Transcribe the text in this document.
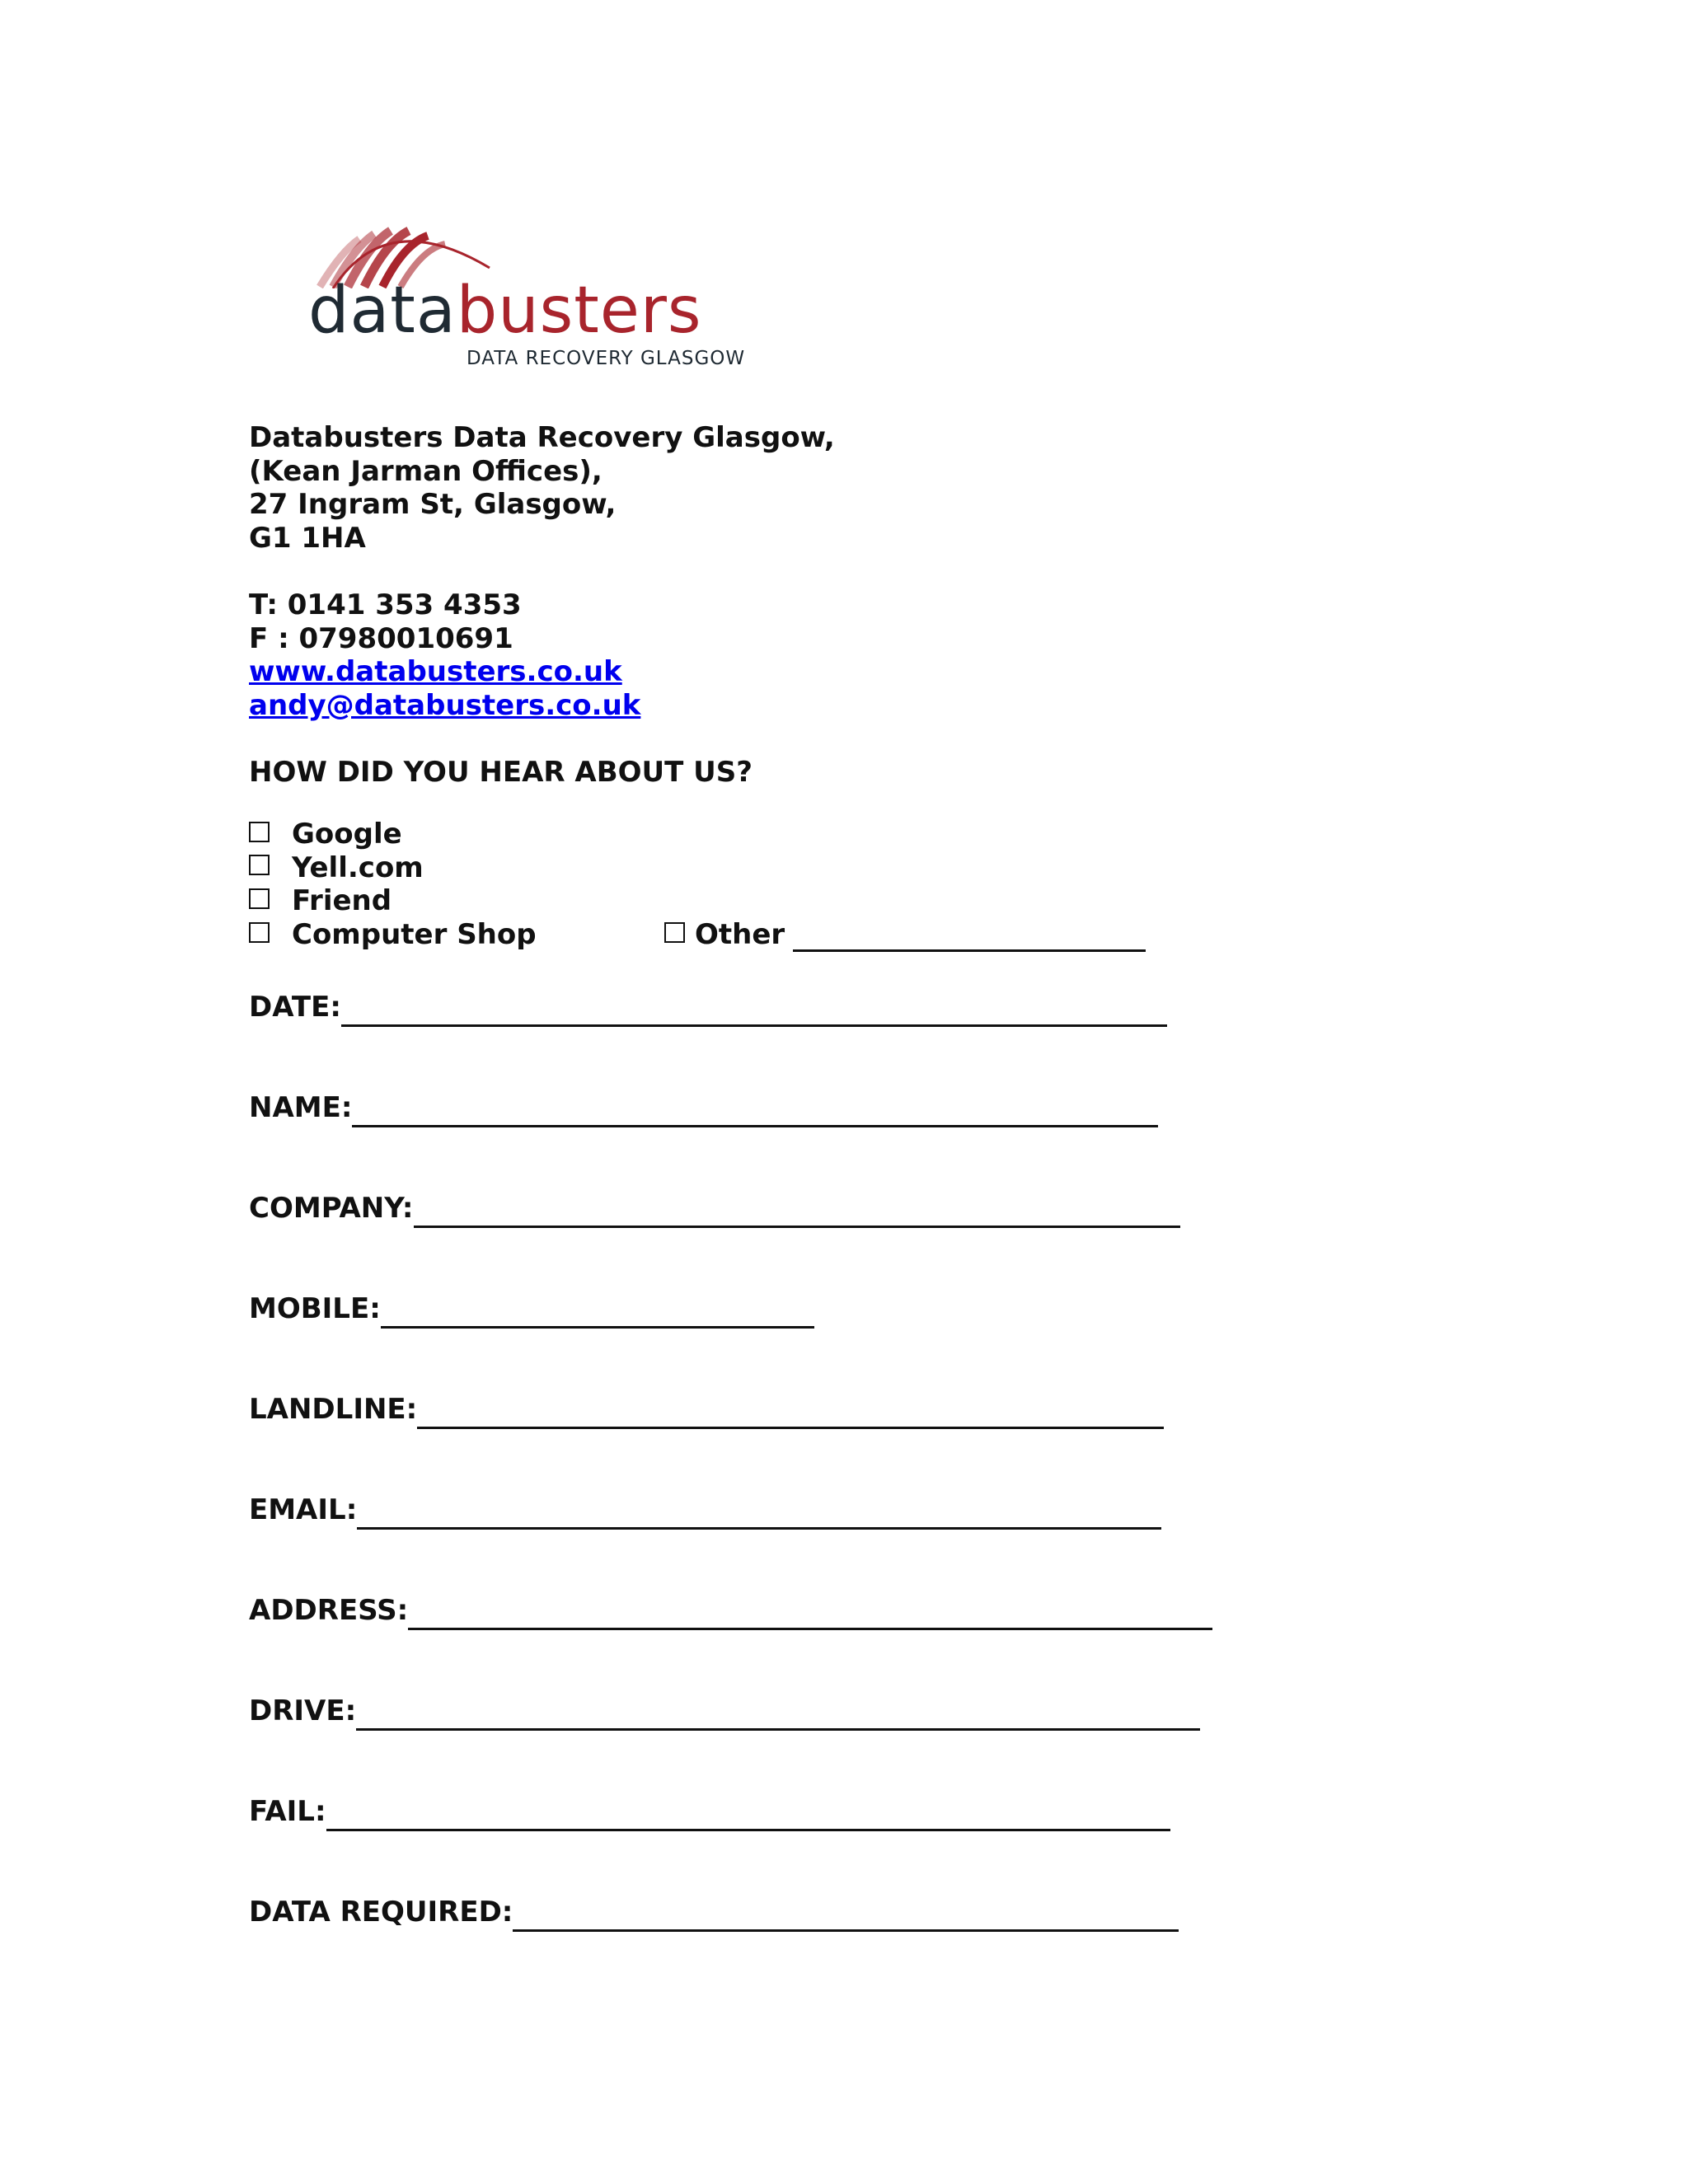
databusters
DATA RECOVERY GLASGOW
Databusters Data Recovery Glasgow,
(Kean Jarman Offices),
27 Ingram St, Glasgow,
G1 1HA
T: 0141 353 4353
F : 07980010691
www.databusters.co.uk
andy@databusters.co.uk
HOW DID YOU HEAR ABOUT US?
Google
Yell.com
Friend
Computer Shop	Other
DATE:
NAME:
COMPANY:
MOBILE:
LANDLINE:
EMAIL:
ADDRESS:
DRIVE:
FAIL:
DATA REQUIRED:
